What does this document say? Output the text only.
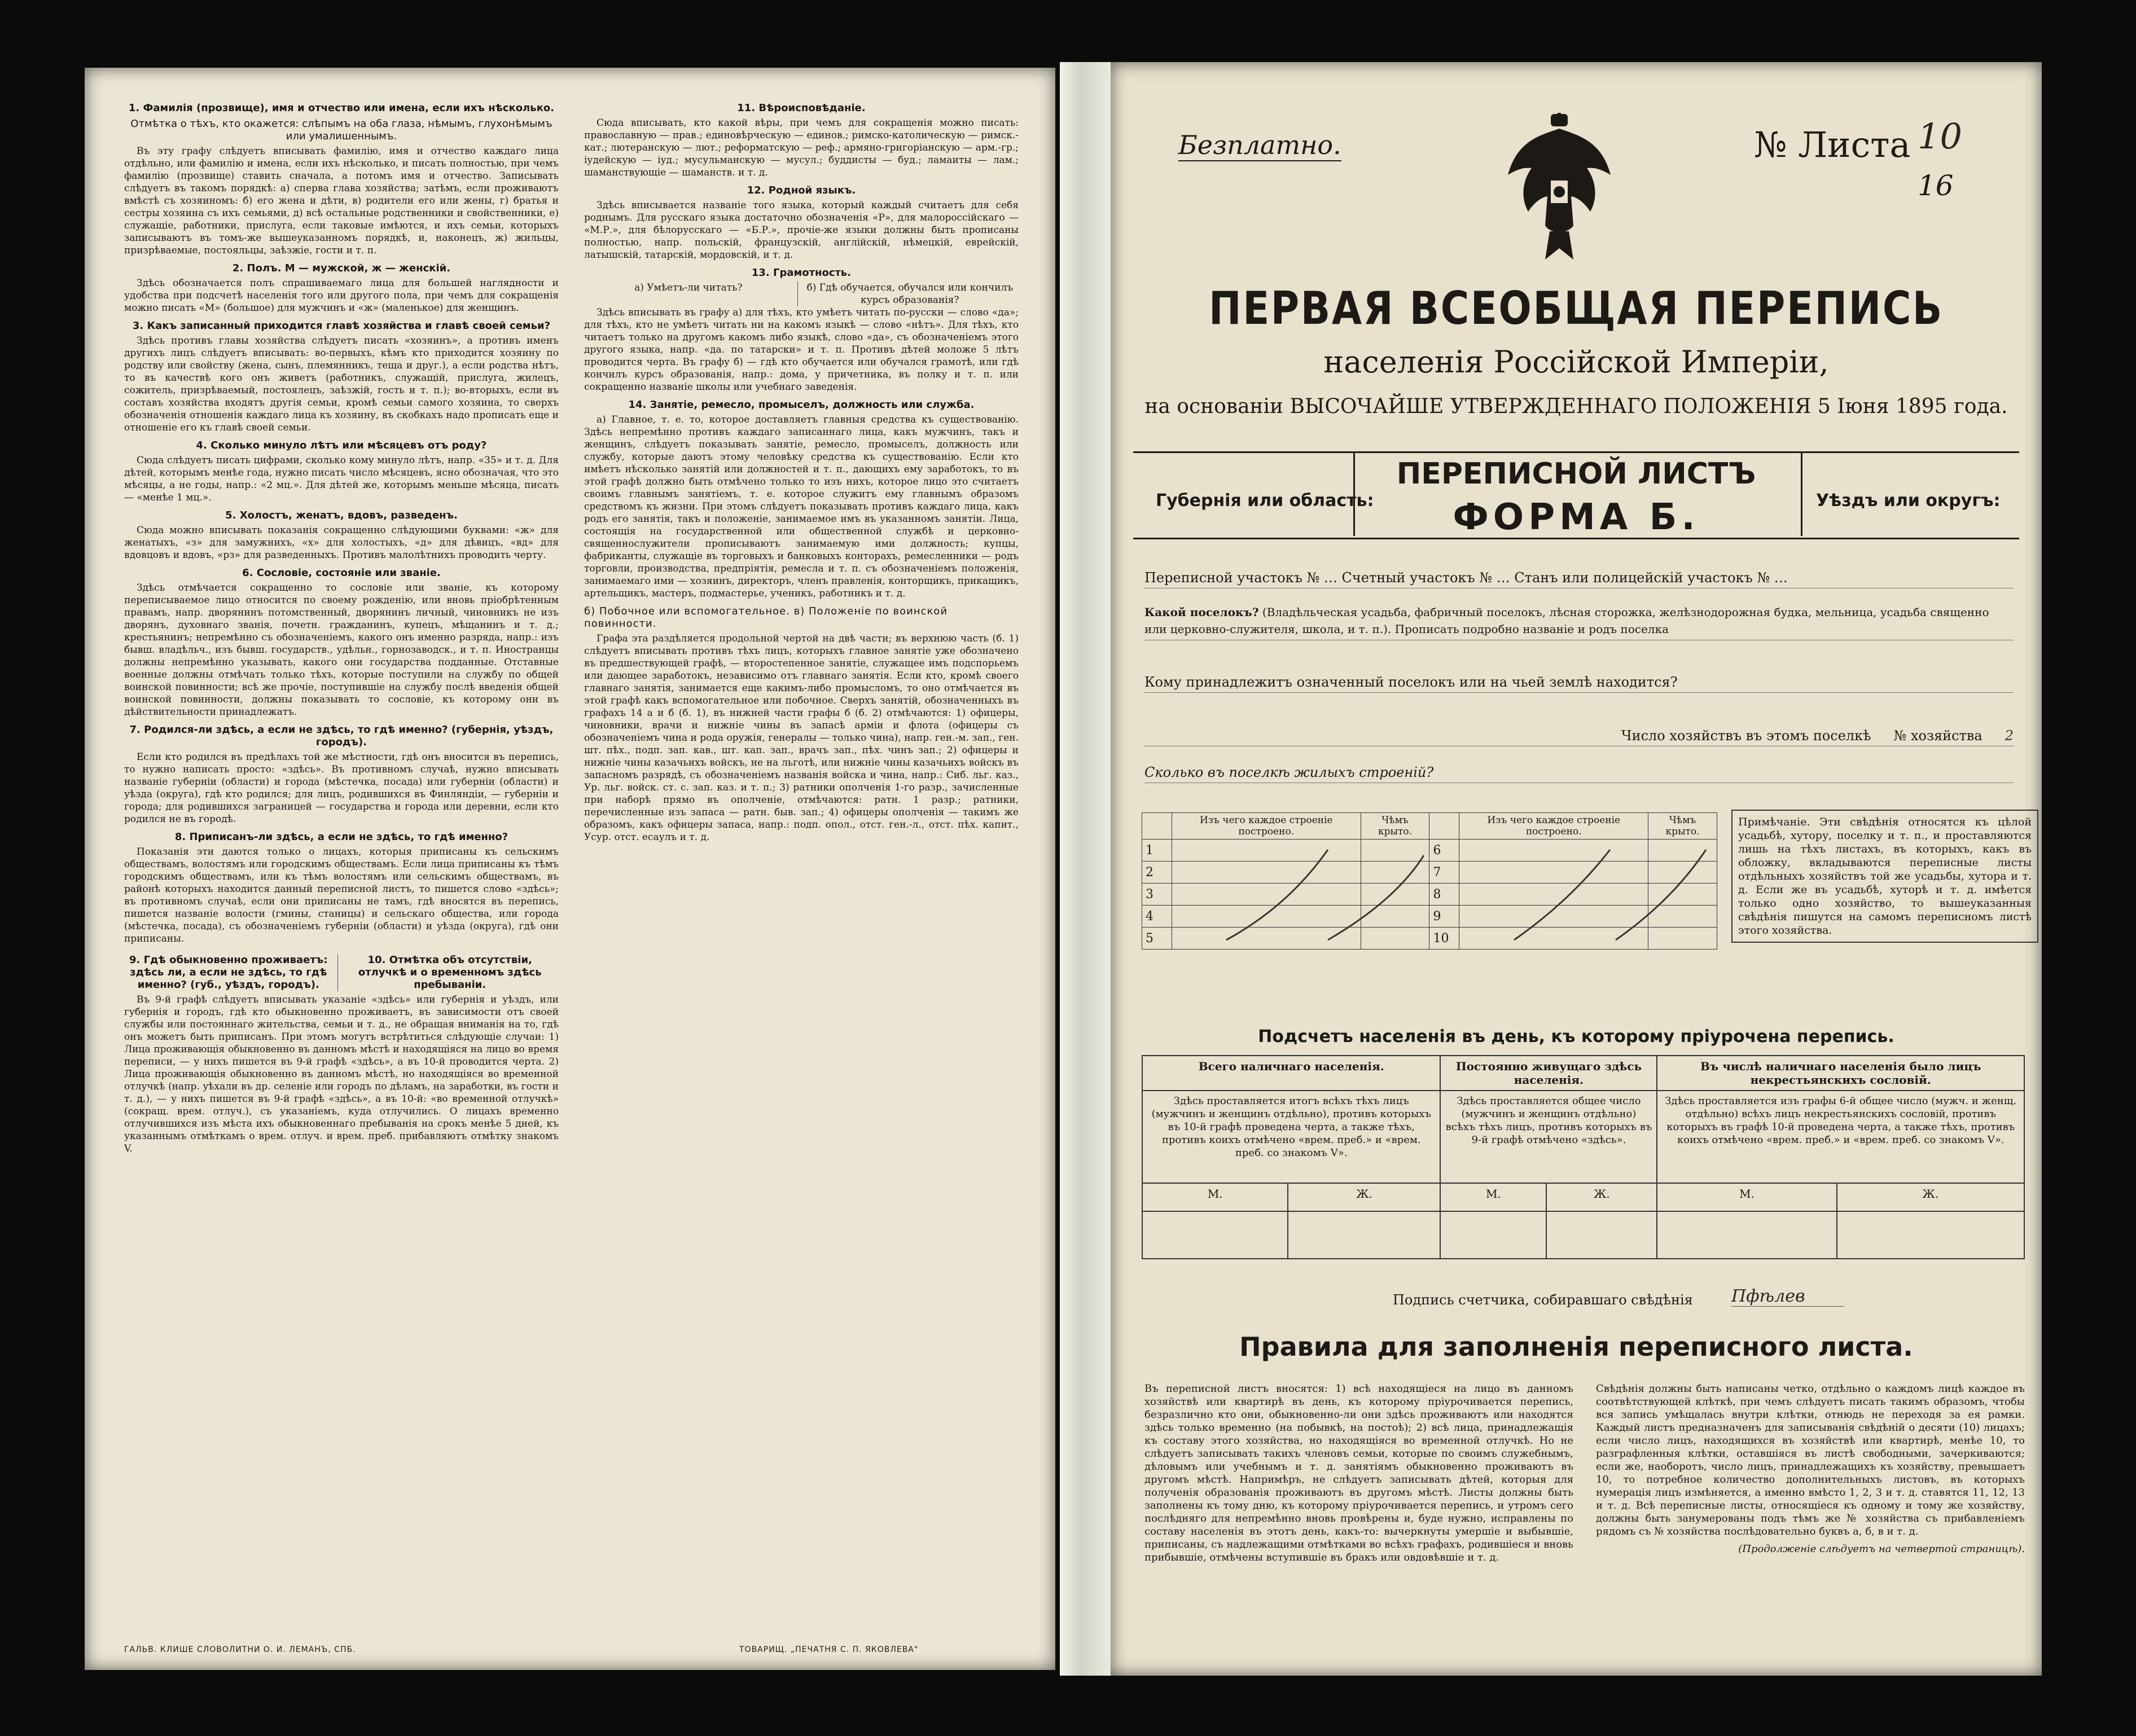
1. Фамилія (прозвище), имя и отчество или имена, если ихъ нѣсколько.
Отмѣтка о тѣхъ, кто окажется: слѣпымъ на оба глаза, нѣмымъ, глухонѣмымъ или умалишеннымъ.
Въ эту графу слѣдуетъ вписывать фамилію, имя и отчество каждаго лица отдѣльно, или фамилію и имена, если ихъ нѣсколько, и писать полностью, при чемъ фамилію (прозвище) ставить сначала, а потомъ имя и отчество. Записывать слѣдуетъ въ такомъ порядкѣ: а) сперва глава хозяйства; затѣмъ, если проживаютъ вмѣстѣ съ хозяиномъ: б) его жена и дѣти, в) родители его или жены, г) братья и сестры хозяина съ ихъ семьями, д) всѣ остальные родственники и свойственники, е) служащіе, работники, прислуга, если таковые имѣются, и ихъ семьи, которыхъ записываютъ въ томъ-же вышеуказанномъ порядкѣ, и, наконецъ, ж) жильцы, призрѣваемые, постояльцы, заѣзжіе, гости и т. п.
2. Полъ. М — мужской, ж — женскій.
Здѣсь обозначается полъ спрашиваемаго лица для большей наглядности и удобства при подсчетѣ населенія того или другого пола, при чемъ для сокращенія можно писать «М» (большое) для мужчинъ и «ж» (маленькое) для женщинъ.
3. Какъ записанный приходится главѣ хозяйства и главѣ своей семьи?
Здѣсь противъ главы хозяйства слѣдуетъ писать «хозяинъ», а противъ именъ другихъ лицъ слѣдуетъ вписывать: во-первыхъ, кѣмъ кто приходится хозяину по родству или свойству (жена, сынъ, племянникъ, теща и друг.), а если родства нѣтъ, то въ качествѣ кого онъ живетъ (работникъ, служащій, прислуга, жилецъ, сожитель, призрѣваемый, постоялецъ, заѣзжій, гость и т. п.); во-вторыхъ, если въ составъ хозяйства входятъ другія семьи, кромѣ семьи самого хозяина, то сверхъ обозначенія отношенія каждаго лица къ хозяину, въ скобкахъ надо прописать еще и отношеніе его къ главѣ своей семьи.
4. Сколько минуло лѣтъ или мѣсяцевъ отъ роду?
Сюда слѣдуетъ писать цифрами, сколько кому минуло лѣтъ, напр. «35» и т. д. Для дѣтей, которымъ менѣе года, нужно писать число мѣсяцевъ, ясно обозначая, что это мѣсяцы, а не годы, напр.: «2 мц.». Для дѣтей же, которымъ меньше мѣсяца, писать — «менѣе 1 мц.».
5. Холостъ, женатъ, вдовъ, разведенъ.
Сюда можно вписывать показанія сокращенно слѣдующими буквами: «ж» для женатыхъ, «з» для замужнихъ, «х» для холостыхъ, «д» для дѣвицъ, «вд» для вдовцовъ и вдовъ, «рз» для разведенныхъ. Противъ малолѣтнихъ проводить черту.
6. Сословіе, состояніе или званіе.
Здѣсь отмѣчается сокращенно то сословіе или званіе, къ которому переписываемое лицо относится по своему рожденію, или вновь пріобрѣтенным правамъ, напр. дворянинъ потомственный, дворянинъ личный, чиновникъ не изъ дворянъ, духовнаго званія, почетн. гражданинъ, купецъ, мѣщанинъ и т. д.; крестьянинъ; непремѣнно съ обозначеніемъ, какого онъ именно разряда, напр.: изъ бывш. владѣльч., изъ бывш. государств., удѣльн., горнозаводск., и т. п. Иностранцы должны непремѣнно указывать, какого они государства подданные. Отставные военные должны отмѣчать только тѣхъ, которые поступили на службу по общей воинской повинности; всѣ же прочіе, поступившіе на службу послѣ введенія общей воинской повинности, должны показывать то сословіе, къ которому они въ дѣйствительности принадлежатъ.
7. Родился-ли здѣсь, а если не здѣсь, то гдѣ именно? (губернія, уѣздъ, городъ).
Если кто родился въ предѣлахъ той же мѣстности, гдѣ онъ вносится въ перепись, то нужно написать просто: «здѣсь». Въ противномъ случаѣ, нужно вписывать названіе губерніи (области) и города (мѣстечка, посада) или губерніи (области) и уѣзда (округа), гдѣ кто родился; для лицъ, родившихся въ Финляндіи, — губерніи и города; для родившихся заграницей — государства и города или деревни, если кто родился не въ городѣ.
8. Приписанъ-ли здѣсь, а если не здѣсь, то гдѣ именно?
Показанія эти даются только о лицахъ, которыя приписаны къ сельскимъ обществамъ, волостямъ или городскимъ обществамъ. Если лица приписаны къ тѣмъ городскимъ обществамъ, или къ тѣмъ волостямъ или сельскимъ обществамъ, въ районѣ которыхъ находится данный переписной листъ, то пишется слово «здѣсь»; въ противномъ случаѣ, если они приписаны не тамъ, гдѣ вносятся въ перепись, пишется названіе волости (гмины, станицы) и сельскаго общества, или города (мѣстечка, посада), съ обозначеніемъ губерніи (области) и уѣзда (округа), гдѣ они приписаны.
9. Гдѣ обыкновенно проживаетъ: здѣсь ли, а если не здѣсь, то гдѣ именно? (губ., уѣздъ, городъ).
10. Отмѣтка объ отсутствіи, отлучкѣ и о временномъ здѣсь пребываніи.
Въ 9-й графѣ слѣдуетъ вписывать указаніе «здѣсь» или губернія и уѣздъ, или губернія и городъ, гдѣ кто обыкновенно проживаетъ, въ зависимости отъ своей службы или постояннаго жительства, семьи и т. д., не обращая вниманія на то, гдѣ онъ можетъ быть приписанъ. При этомъ могутъ встрѣтиться слѣдующіе случаи: 1) Лица проживающія обыкновенно въ данномъ мѣстѣ и находящіяся на лицо во время переписи, — у нихъ пишется въ 9-й графѣ «здѣсь», а въ 10-й проводится черта. 2) Лица проживающія обыкновенно въ данномъ мѣстѣ, но находящіяся во временной отлучкѣ (напр. уѣхали въ др. селеніе или городъ по дѣламъ, на заработки, въ гости и т. д.), — у нихъ пишется въ 9-й графѣ «здѣсь», а въ 10-й: «во временной отлучкѣ» (сокращ. врем. отлуч.), съ указаніемъ, куда отлучились. О лицахъ временно отлучившихся изъ мѣста ихъ обыкновеннаго пребыванія на срокъ менѣе 5 дней, къ указаннымъ отмѣткамъ о врем. отлуч. и врем. преб. прибавляютъ отмѣтку знакомъ V.
11. Вѣроисповѣданіе.
Сюда вписывать, кто какой вѣры, при чемъ для сокращенія можно писать: православную — прав.; единовѣрческую — единов.; римско-католическую — римск.-кат.; лютеранскую — лют.; реформатскую — реф.; армяно-григоріанскую — арм.-гр.; іудейскую — іуд.; мусульманскую — мусул.; буддисты — буд.; ламаиты — лам.; шаманствующіе — шаманств. и т. д.
12. Родной языкъ.
Здѣсь вписывается названіе того языка, который каждый считаетъ для себя роднымъ. Для русскаго языка достаточно обозначенія «Р», для малороссійскаго — «М.Р.», для бѣлорусскаго — «Б.Р.», прочіе-же языки должны быть прописаны полностью, напр. польскій, французскій, англійскій, нѣмецкій, еврейскій, латышскій, татарскій, мордовскій, и т. д.
13. Грамотность.
а) Умѣетъ-ли читать?	б) Гдѣ обучается, обучался или кончилъ курсъ образованія?
Здѣсь вписывать въ графу а) для тѣхъ, кто умѣетъ читать по-русски — слово «да»; для тѣхъ, кто не умѣетъ читать ни на какомъ языкѣ — слово «нѣтъ». Для тѣхъ, кто читаетъ только на другомъ какомъ либо языкѣ, слово «да», съ обозначеніемъ этого другого языка, напр. «да. по татарски» и т. п. Противъ дѣтей моложе 5 лѣтъ проводится черта. Въ графу б) — гдѣ кто обучается или обучался грамотѣ, или гдѣ кончилъ курсъ образованія, напр.: дома, у причетника, въ полку и т. п. или сокращенно названіе школы или учебнаго заведенія.
14. Занятіе, ремесло, промыселъ, должность или служба.
а) Главное, т. е. то, которое доставляетъ главныя средства къ существованію. Здѣсь непремѣнно противъ каждаго записаннаго лица, какъ мужчинъ, такъ и женщинъ, слѣдуетъ показывать занятіе, ремесло, промыселъ, должность или службу, которые даютъ этому человѣку средства къ существованію. Если кто имѣетъ нѣсколько занятій или должностей и т. п., дающихъ ему заработокъ, то въ этой графѣ должно быть отмѣчено только то изъ нихъ, которое лицо это считаетъ своимъ главнымъ занятіемъ, т. е. которое служитъ ему главнымъ образомъ средствомъ къ жизни. При этомъ слѣдуетъ показывать противъ каждаго лица, какъ родъ его занятія, такъ и положеніе, занимаемое имъ въ указанномъ занятіи. Лица, состоящія на государственной или общественной службѣ и церковно-священнослужители прописываютъ занимаемую ими должность; купцы, фабриканты, служащіе въ торговыхъ и банковыхъ конторахъ, ремесленники — родъ торговли, производства, предпріятія, ремесла и т. п. съ обозначеніемъ положенія, занимаемаго ими — хозяинъ, директоръ, членъ правленія, конторщикъ, прикащикъ, артельщикъ, мастеръ, подмастерье, ученикъ, работникъ и т. д.
б) Побочное или вспомогательное. в) Положеніе по воинской повинности.
Графа эта раздѣляется продольной чертой на двѣ части; въ верхнюю часть (б. 1) слѣдуетъ вписывать противъ тѣхъ лицъ, которыхъ главное занятіе уже обозначено въ предшествующей графѣ, — второстепенное занятіе, служащее имъ подспорьемъ или дающее заработокъ, независимо отъ главнаго занятія. Если кто, кромѣ своего главнаго занятія, занимается еще какимъ-либо промысломъ, то оно отмѣчается въ этой графѣ какъ вспомогательное или побочное. Сверхъ занятій, обозначенныхъ въ графахъ 14 а и б (б. 1), въ нижней части графы б (б. 2) отмѣчаются: 1) офицеры, чиновники, врачи и нижніе чины въ запасѣ арміи и флота (офицеры съ обозначеніемъ чина и рода оружія, генералы — только чина), напр. ген.-м. зап., ген. шт. пѣх., подп. зап. кав., шт. кап. зап., врачъ зап., пѣх. чинъ зап.; 2) офицеры и нижніе чины казачьихъ войскъ, не на льготѣ, или нижніе чины казачьихъ войскъ въ запасномъ разрядѣ, съ обозначеніемъ названія войска и чина, напр.: Сиб. льг. каз., Ур. льг. войск. ст. с. зап. каз. и т. п.; 3) ратники ополченія 1-го разр., зачисленные при наборѣ прямо въ ополченіе, отмѣчаются: ратн. 1 разр.; ратники, перечисленные изъ запаса — ратн. быв. зап.; 4) офицеры ополченія — такимъ же образомъ, какъ офицеры запаса, напр.: подп. опол., отст. ген.-л., отст. пѣх. капит., Усур. отст. есаулъ и т. д.
ГАЛЬВ. КЛИШЕ СЛОВОЛИТНИ О. И. ЛЕМАНЪ, СПБ.	ТОВАРИЩ. „ПЕЧАТНЯ С. П. ЯКОВЛЕВА"
Безплатно.	№ Листа 10
16
ПЕРВАЯ ВСЕОБЩАЯ ПЕРЕПИСЬ
населенія Россійской Имперіи,
на основаніи ВЫСОЧАЙШЕ УТВЕРЖДЕННАГО ПОЛОЖЕНІЯ 5 Іюня 1895 года.
Губернія или область:	Уѣздъ или округъ:
ПЕРЕПИСНОЙ ЛИСТЪ
ФОРМА Б.
Переписной участокъ № … Счетный участокъ № … Станъ или полицейскій участокъ № …
Какой поселокъ? (Владѣльческая усадьба, фабричный поселокъ, лѣсная сторожка, желѣзнодорожная будка, мельница, усадьба священно или церковно-служителя, школа, и т. п.). Прописать подробно названіе и родъ поселка
Кому принадлежитъ означенный поселокъ или на чьей землѣ находится?
Число хозяйствъ въ этомъ поселкѣ № хозяйства 2
Сколько въ поселкѣ жилыхъ строеній?
	Изъ чего каждое строеніе построено.	Чѣмъ крыто.		Изъ чего каждое строеніе построено.	Чѣмъ крыто.
1			6		
2			7		
3			8		
4			9		
5			10		
Примѣчаніе. Эти свѣдѣнія относятся къ цѣлой усадьбѣ, хутору, поселку и т. п., и проставляются лишь на тѣхъ листахъ, въ которыхъ, какъ въ обложку, вкладываются переписные листы отдѣльныхъ хозяйствъ той же усадьбы, хутора и т. д. Если же въ усадьбѣ, хуторѣ и т. д. имѣется только одно хозяйство, то вышеуказанныя свѣдѣнія пишутся на самомъ переписномъ листѣ этого хозяйства.
Подсчетъ населенія въ день, къ которому пріурочена перепись.
Всего наличнаго населенія.		Постоянно живущаго здѣсь населенія.		Въ числѣ наличнаго населенія было лицъ некрестьянскихъ сословій.	
Здѣсь проставляется итогъ всѣхъ тѣхъ лицъ (мужчинъ и женщинъ отдѣльно), противъ которыхъ въ 10-й графѣ проведена черта, а также тѣхъ, противъ коихъ отмѣчено «врем. преб.» и «врем. преб. со знакомъ V».		Здѣсь проставляется общее число (мужчинъ и женщинъ отдѣльно) всѣхъ тѣхъ лицъ, противъ которыхъ въ 9-й графѣ отмѣчено «здѣсь».		Здѣсь проставляется изъ графы 6-й общее число (мужч. и женщ. отдѣльно) всѣхъ лицъ некрестьянскихъ сословій, противъ которыхъ въ графѣ 10-й проведена черта, а также тѣхъ, противъ коихъ отмѣчено «врем. преб.» и «врем. преб. со знакомъ V».	
М.	Ж.	М.	Ж.	М.	Ж.

Подпись счетчика, собиравшаго свѣдѣнія Пфѣлев
Правила для заполненія переписного листа.
Въ переписной листъ вносятся: 1) всѣ находящіеся на лицо въ данномъ хозяйствѣ или квартирѣ въ день, къ которому пріурочивается перепись, безразлично кто они, обыкновенно-ли они здѣсь проживаютъ или находятся здѣсь только временно (на побывкѣ, на постоѣ); 2) всѣ лица, принадлежащія къ составу этого хозяйства, но находящіяся во временной отлучкѣ. Но не слѣдуетъ записывать такихъ членовъ семьи, которые по своимъ служебнымъ, дѣловымъ или учебнымъ и т. д. занятіямъ обыкновенно проживаютъ въ другомъ мѣстѣ. Напримѣръ, не слѣдуетъ записывать дѣтей, которыя для полученія образованія проживаютъ въ другомъ мѣстѣ. Листы должны быть заполнены къ тому дню, къ которому пріурочивается перепись, и утромъ сего послѣдняго для непремѣнно вновь провѣрены и, буде нужно, исправлены по составу населенія въ этотъ день, какъ-то: вычеркнуты умершіе и выбывшіе, приписаны, съ надлежащими отмѣтками во всѣхъ графахъ, родившіеся и вновь прибывшіе, отмѣчены вступившіе въ бракъ или овдовѣвшіе и т. д.
Свѣдѣнія должны быть написаны четко, отдѣльно о каждомъ лицѣ каждое въ соотвѣтствующей клѣткѣ, при чемъ слѣдуетъ писать такимъ образомъ, чтобы вся запись умѣщалась внутри клѣтки, отнюдь не переходя за ея рамки. Каждый листъ предназначенъ для записыванія свѣдѣній о десяти (10) лицахъ; если число лицъ, находящихся въ хозяйствѣ или квартирѣ, менѣе 10, то разграфленныя клѣтки, оставшіяся въ листѣ свободными, зачеркиваются; если же, наоборотъ, число лицъ, принадлежащихъ къ хозяйству, превышаетъ 10, то потребное количество дополнительныхъ листовъ, въ которыхъ нумерація лицъ измѣняется, а именно вмѣсто 1, 2, 3 и т. д. ставятся 11, 12, 13 и т. д. Всѣ переписные листы, относящіеся къ одному и тому же хозяйству, должны быть занумерованы подъ тѣмъ же № хозяйства съ прибавленіемъ рядомъ съ № хозяйства послѣдовательно буквъ а, б, в и т. д.
(Продолженіе слѣдуетъ на четвертой страницѣ).
